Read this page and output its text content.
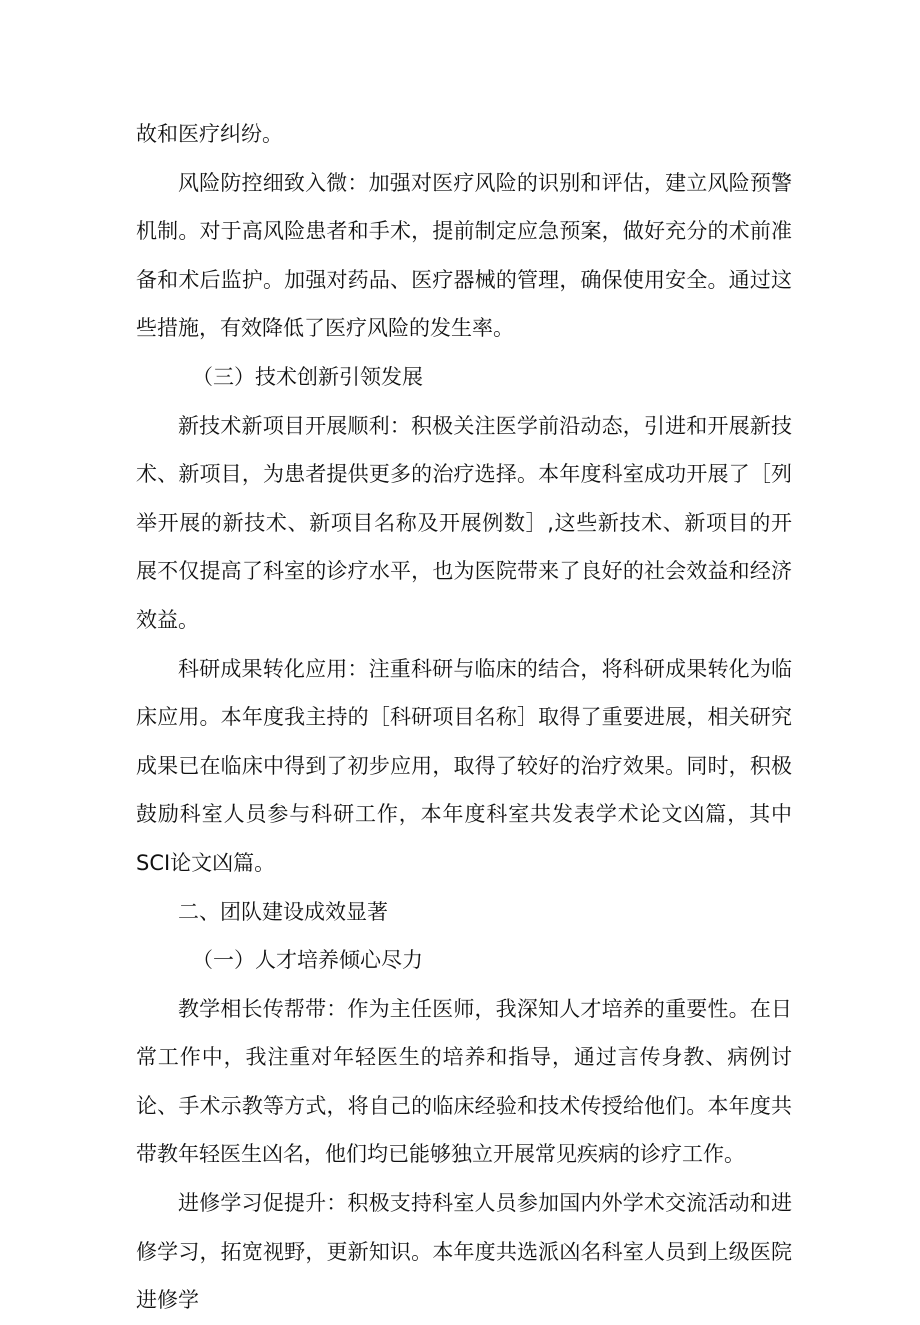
故和医疗纠纷。

风险防控细致入微：加强对医疗风险的识别和评估，建立风险预警机制。对于高风险患者和手术，提前制定应急预案，做好充分的术前准备和术后监护。加强对药品、医疗器械的管理，确保使用安全。通过这些措施，有效降低了医疗风险的发生率。

（三）技术创新引领发展

新技术新项目开展顺利：积极关注医学前沿动态，引进和开展新技术、新项目，为患者提供更多的治疗选择。本年度科室成功开展了［列举开展的新技术、新项目名称及开展例数］,这些新技术、新项目的开展不仅提高了科室的诊疗水平，也为医院带来了良好的社会效益和经济效益。

科研成果转化应用：注重科研与临床的结合，将科研成果转化为临床应用。本年度我主持的［科研项目名称］取得了重要进展，相关研究成果已在临床中得到了初步应用，取得了较好的治疗效果。同时，积极鼓励科室人员参与科研工作，本年度科室共发表学术论文凶篇，其中SCI论文凶篇。

二、团队建设成效显著

（一）人才培养倾心尽力

教学相长传帮带：作为主任医师，我深知人才培养的重要性。在日常工作中，我注重对年轻医生的培养和指导，通过言传身教、病例讨论、手术示教等方式，将自己的临床经验和技术传授给他们。本年度共带教年轻医生凶名，他们均已能够独立开展常见疾病的诊疗工作。

进修学习促提升：积极支持科室人员参加国内外学术交流活动和进修学习，拓宽视野，更新知识。本年度共选派凶名科室人员到上级医院进修学
